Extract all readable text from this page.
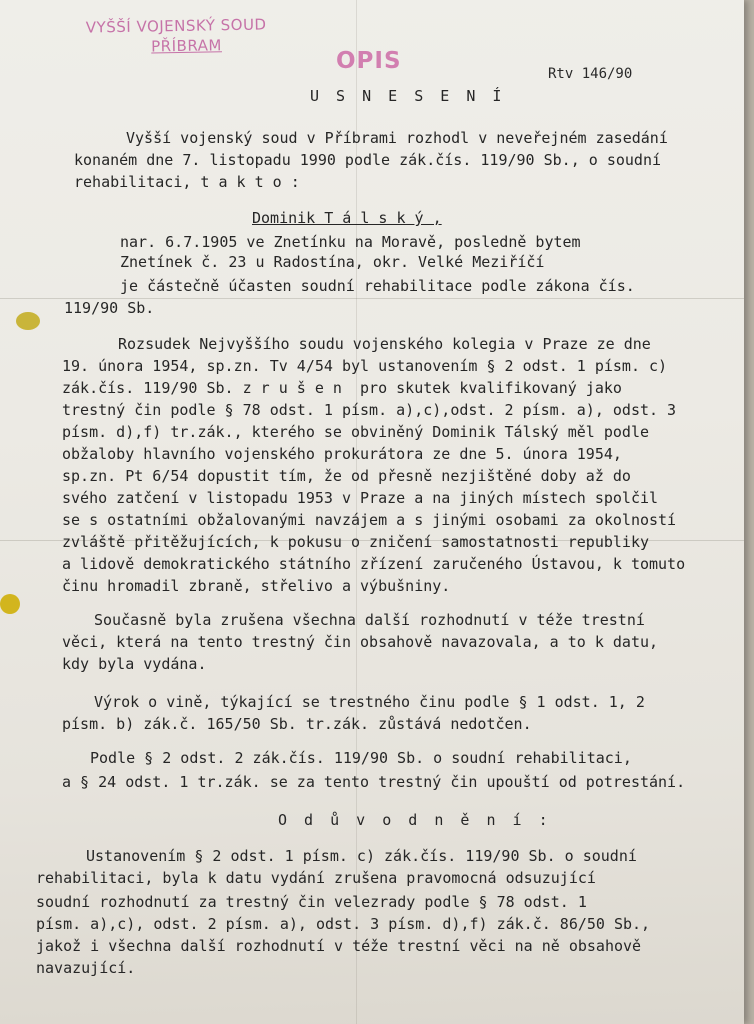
VYŠŠÍ VOJENSKÝ SOUD
PŘÍBRAM
OPIS	Rtv 146/90
U S N E S E N Í
Vyšší vojenský soud v Příbrami rozhodl v neveřejném zasedání
konaném dne 7. listopadu 1990 podle zák.čís. 119/90 Sb., o soudní
rehabilitaci, t a k t o :
Dominik T á l s k ý ,
nar. 6.7.1905 ve Znetínku na Moravě, posledně bytem
Znetínek č. 23 u Radostína, okr. Velké Meziříčí
je částečně účasten soudní rehabilitace podle zákona čís.
119/90 Sb.
Rozsudek Nejvyššího soudu vojenského kolegia v Praze ze dne
19. února 1954, sp.zn. Tv 4/54 byl ustanovením § 2 odst. 1 písm. c)
zák.čís. 119/90 Sb. z r u š e n  pro skutek kvalifikovaný jako
trestný čin podle § 78 odst. 1 písm. a),c),odst. 2 písm. a), odst. 3
písm. d),f) tr.zák., kterého se obviněný Dominik Tálský měl podle
obžaloby hlavního vojenského prokurátora ze dne 5. února 1954,
sp.zn. Pt 6/54 dopustit tím, že od přesně nezjištěné doby až do
svého zatčení v listopadu 1953 v Praze a na jiných místech spolčil
se s ostatními obžalovanými navzájem a s jinými osobami za okolností
zvláště přitěžujících, k pokusu o zničení samostatnosti republiky
a lidově demokratického státního zřízení zaručeného Ústavou, k tomuto
činu hromadil zbraně, střelivo a výbušniny.
Současně byla zrušena všechna další rozhodnutí v téže trestní
věci, která na tento trestný čin obsahově navazovala, a to k datu,
kdy byla vydána.
Výrok o vině, týkající se trestného činu podle § 1 odst. 1, 2
písm. b) zák.č. 165/50 Sb. tr.zák. zůstává nedotčen.
Podle § 2 odst. 2 zák.čís. 119/90 Sb. o soudní rehabilitaci,
a § 24 odst. 1 tr.zák. se za tento trestný čin upouští od potrestání.
O d ů v o d n ě n í :
Ustanovením § 2 odst. 1 písm. c) zák.čís. 119/90 Sb. o soudní
rehabilitaci, byla k datu vydání zrušena pravomocná odsuzující
soudní rozhodnutí za trestný čin velezrady podle § 78 odst. 1
písm. a),c), odst. 2 písm. a), odst. 3 písm. d),f) zák.č. 86/50 Sb.,
jakož i všechna další rozhodnutí v téže trestní věci na ně obsahově
navazující.
